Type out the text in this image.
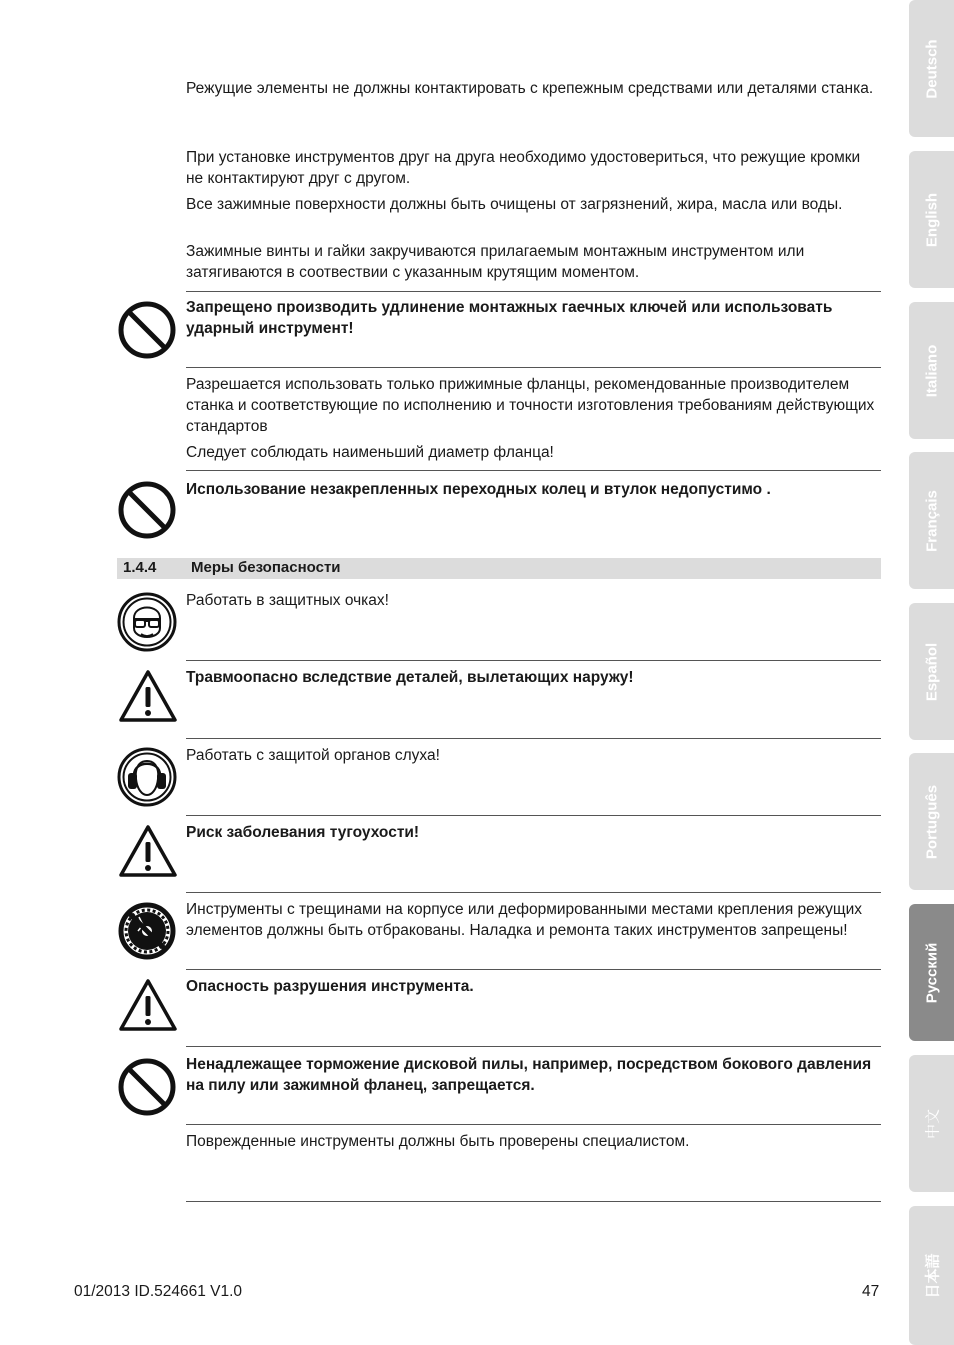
Режущие элементы не должны контактировать с крепежным средствами или деталями станка.

При установке инструментов друг на друга необходимо удостовериться, что режущие кромки не контактируют друг с другом.

Все зажимные поверхности должны быть очищены от загрязнений, жира, масла или воды.

Зажимные винты и гайки закручиваются прилагаемым монтажным инструментом или затягиваются в соотвествии с указанным крутящим моментом.

Запрещено производить удлинение монтажных гаечных ключей или использовать ударный инструмент!

Разрешается использовать только прижимные фланцы, рекомендованные производителем станка и соответствующие по исполнению и точности изготовления требованиям действующих стандартов

Следует соблюдать наименьший диаметр фланца!

Использование незакрепленных переходных колец и втулок недопустимо .

1.4.4 Меры безопасности

Работать в защитных очках!

Травмоопасно вследствие деталей, вылетающих наружу!

Работать с защитой органов слуха!

Риск заболевания тугоухости!

Инструменты с трещинами на корпусе или деформированными местами крепления режущих элементов должны быть отбракованы. Наладка и ремонта таких инструментов запрещены!

Опасность разрушения инструмента.

Ненадлежащее торможение дисковой пилы, например, посредством бокового давления на пилу или зажимной фланец, запрещается.

Поврежденные инструменты должны быть проверены специалистом.

01/2013 ID.524661 V1.0	47
Deutsch
English
Italiano
Français
Español
Português
Русский
中文
日本語
